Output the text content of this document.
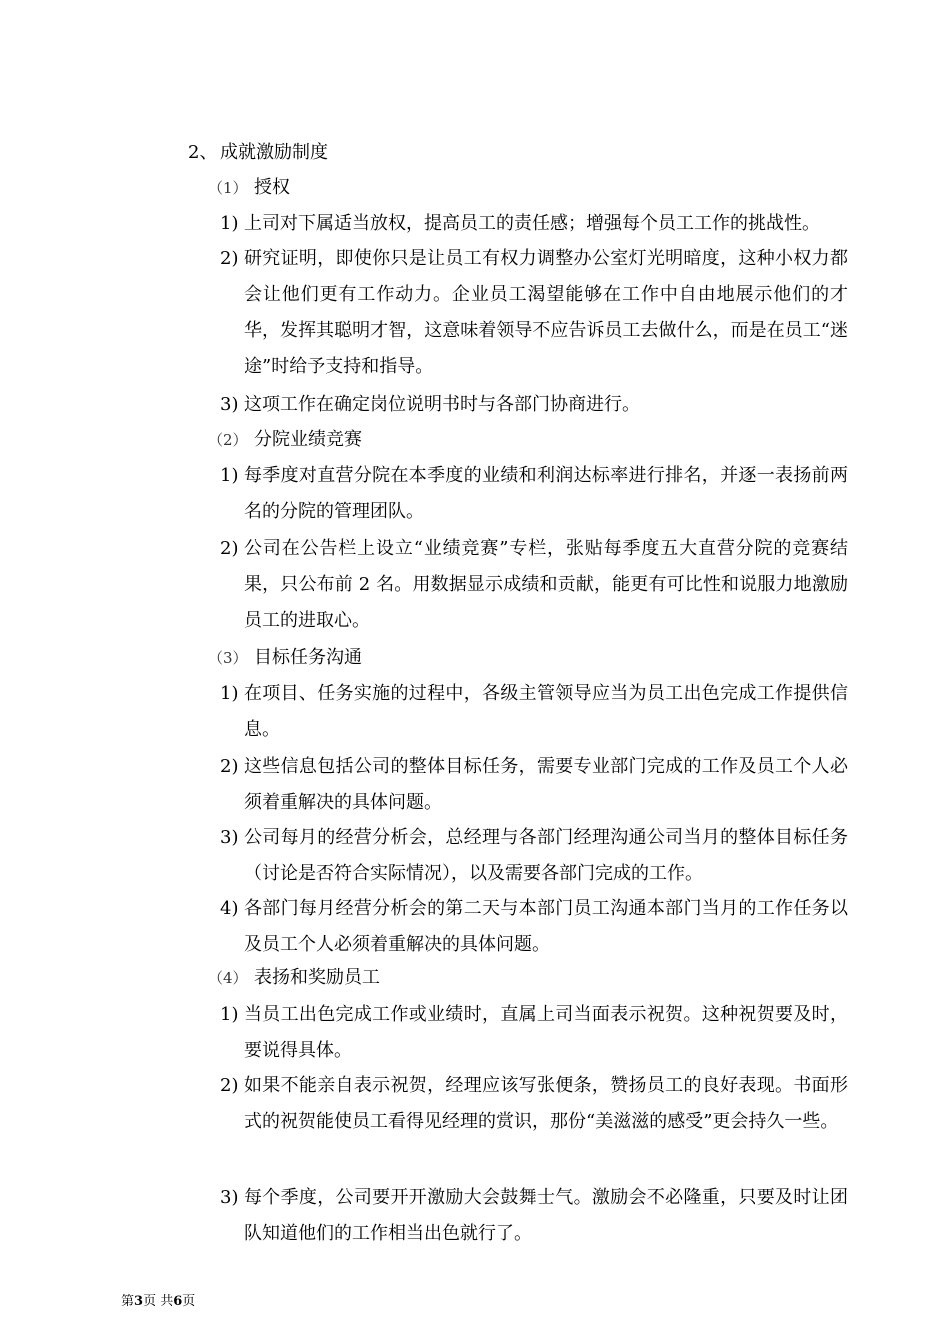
2、 成就激励制度
（1） 授权
1) 上司对下属适当放权，提高员工的责任感；增强每个员工工作的挑战性。
2) 研究证明，即使你只是让员工有权力调整办公室灯光明暗度，这种小权力都会让他们更有工作动力。企业员工渴望能够在工作中自由地展示他们的才华，发挥其聪明才智，这意味着领导不应告诉员工去做什么，而是在员工“迷途”时给予支持和指导。
3) 这项工作在确定岗位说明书时与各部门协商进行。
（2） 分院业绩竞赛
1) 每季度对直营分院在本季度的业绩和利润达标率进行排名，并逐一表扬前两名的分院的管理团队。
2) 公司在公告栏上设立“业绩竞赛”专栏，张贴每季度五大直营分院的竞赛结果，只公布前 2 名。用数据显示成绩和贡献，能更有可比性和说服力地激励员工的进取心。
（3） 目标任务沟通
1) 在项目、任务实施的过程中，各级主管领导应当为员工出色完成工作提供信息。
2) 这些信息包括公司的整体目标任务，需要专业部门完成的工作及员工个人必须着重解决的具体问题。
3) 公司每月的经营分析会，总经理与各部门经理沟通公司当月的整体目标任务（讨论是否符合实际情况），以及需要各部门完成的工作。
4) 各部门每月经营分析会的第二天与本部门员工沟通本部门当月的工作任务以及员工个人必须着重解决的具体问题。
（4） 表扬和奖励员工
1) 当员工出色完成工作或业绩时，直属上司当面表示祝贺。这种祝贺要及时，要说得具体。
2) 如果不能亲自表示祝贺，经理应该写张便条，赞扬员工的良好表现。书面形式的祝贺能使员工看得见经理的赏识，那份“美滋滋的感受”更会持久一些。
3) 每个季度，公司要开开激励大会鼓舞士气。激励会不必隆重，只要及时让团队知道他们的工作相当出色就行了。
第3页 共6页
